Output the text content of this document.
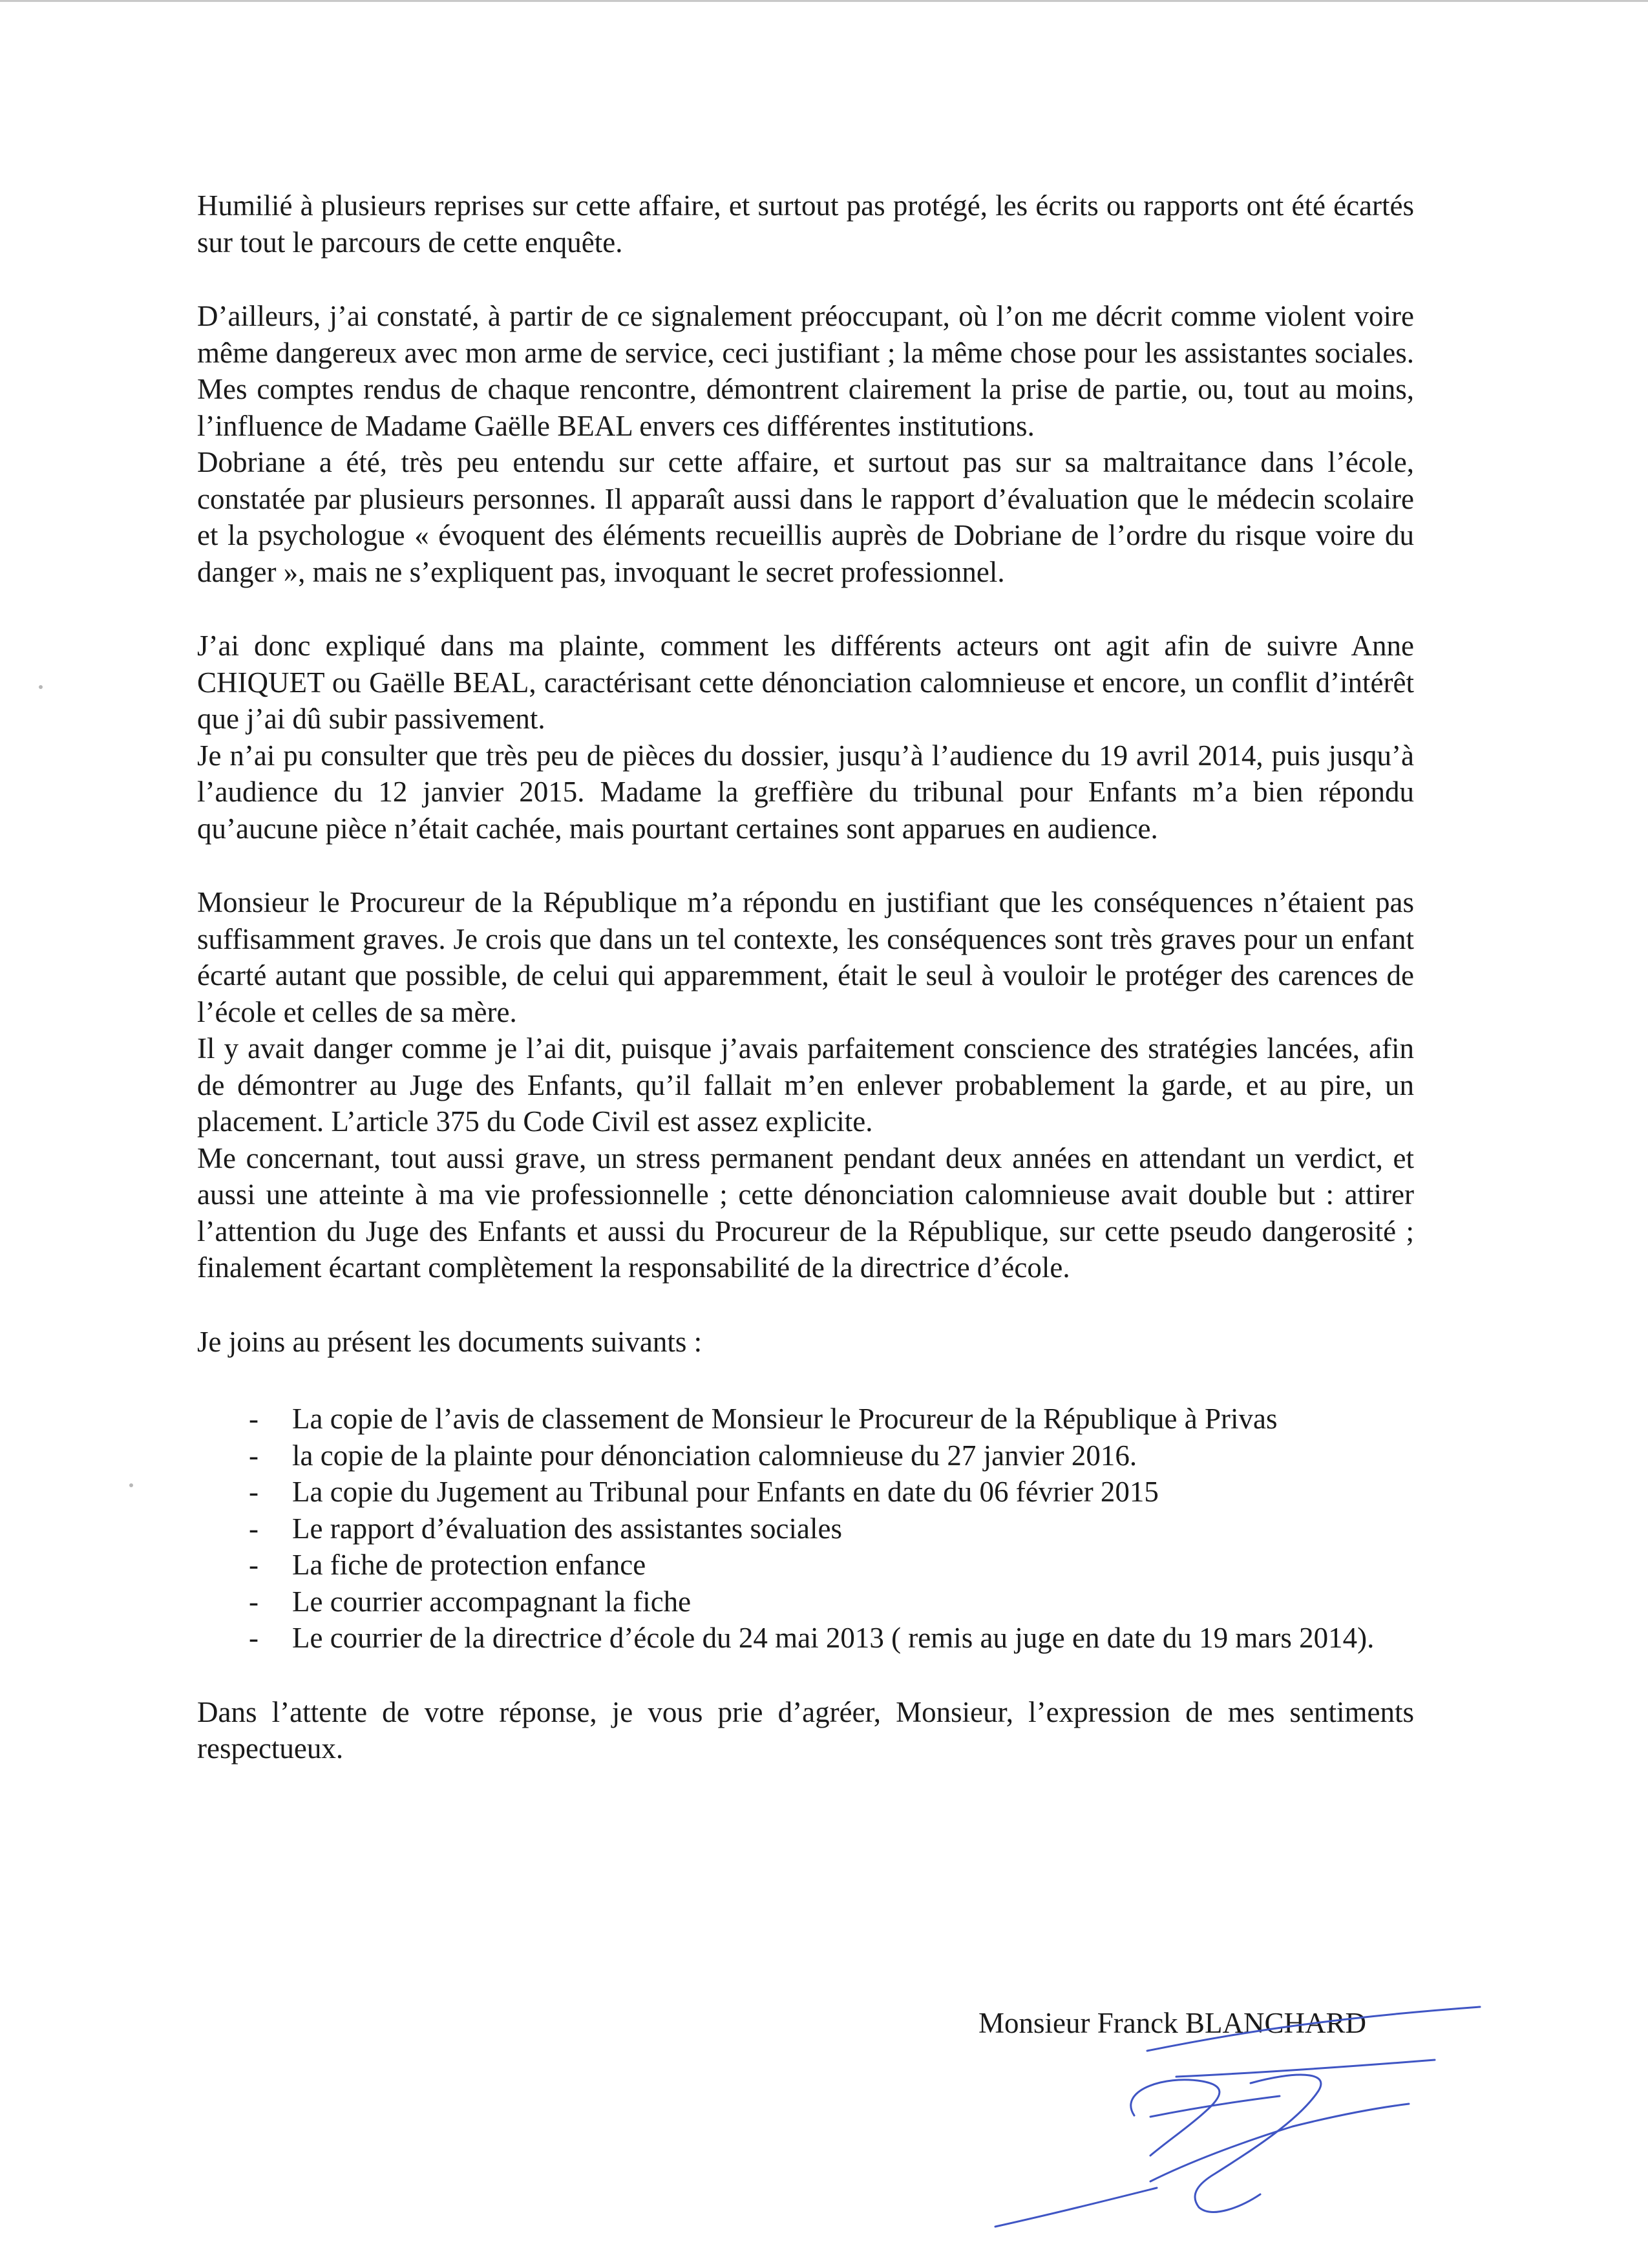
Humilié à plusieurs reprises sur cette affaire, et surtout pas protégé, les écrits ou rapports ont été écartés sur tout le parcours de cette enquête.

D’ailleurs, j’ai constaté, à partir de ce signalement préoccupant, où l’on me décrit comme violent voire même dangereux avec mon arme de service, ceci justifiant ; la même chose pour les assistantes sociales. Mes comptes rendus de chaque rencontre, démontrent clairement la prise de partie, ou, tout au moins, l’influence de Madame Gaëlle BEAL envers ces différentes institutions.

Dobriane a été, très peu entendu sur cette affaire, et surtout pas sur sa maltraitance dans l’école, constatée par plusieurs personnes. Il apparaît aussi dans le rapport d’évaluation que le médecin scolaire et la psychologue « évoquent des éléments recueillis auprès de Dobriane de l’ordre du risque voire du danger », mais ne s’expliquent pas, invoquant le secret professionnel.

J’ai donc expliqué dans ma plainte, comment les différents acteurs ont agit afin de suivre Anne CHIQUET ou Gaëlle BEAL, caractérisant cette dénonciation calomnieuse et encore, un conflit d’intérêt que j’ai dû subir passivement.

Je n’ai pu consulter que très peu de pièces du dossier, jusqu’à l’audience du 19 avril 2014, puis jusqu’à l’audience du 12 janvier 2015. Madame la greffière du tribunal pour Enfants m’a bien répondu qu’aucune pièce n’était cachée, mais pourtant certaines sont apparues en audience.

Monsieur le Procureur de la République m’a répondu en justifiant que les conséquences n’étaient pas suffisamment graves. Je crois que dans un tel contexte, les conséquences sont très graves pour un enfant écarté autant que possible, de celui qui apparemment, était le seul à vouloir le protéger des carences de l’école et celles de sa mère.

Il y avait danger comme je l’ai dit, puisque j’avais parfaitement conscience des stratégies lancées, afin de démontrer au Juge des Enfants, qu’il fallait m’en enlever probablement la garde, et au pire, un placement. L’article 375 du Code Civil est assez explicite.

Me concernant, tout aussi grave, un stress permanent pendant deux années en attendant un verdict, et aussi une atteinte à ma vie professionnelle ; cette dénonciation calomnieuse avait double but : attirer l’attention du Juge des Enfants et aussi du Procureur de la République, sur cette pseudo dangerosité ; finalement écartant complètement la responsabilité de la directrice d’école.

Je joins au présent les documents suivants :

- La copie de l’avis de classement de Monsieur le Procureur de la République à Privas
- la copie de la plainte pour dénonciation calomnieuse du 27 janvier 2016.
- La copie du Jugement au Tribunal pour Enfants en date du 06 février 2015
- Le rapport d’évaluation des assistantes sociales
- La fiche de protection enfance
- Le courrier accompagnant la fiche
- Le courrier de la directrice d’école du 24 mai 2013 ( remis au juge en date du 19 mars 2014).

Dans l’attente de votre réponse, je vous prie d’agréer, Monsieur, l’expression de mes sentiments respectueux.

Monsieur Franck BLANCHARD
